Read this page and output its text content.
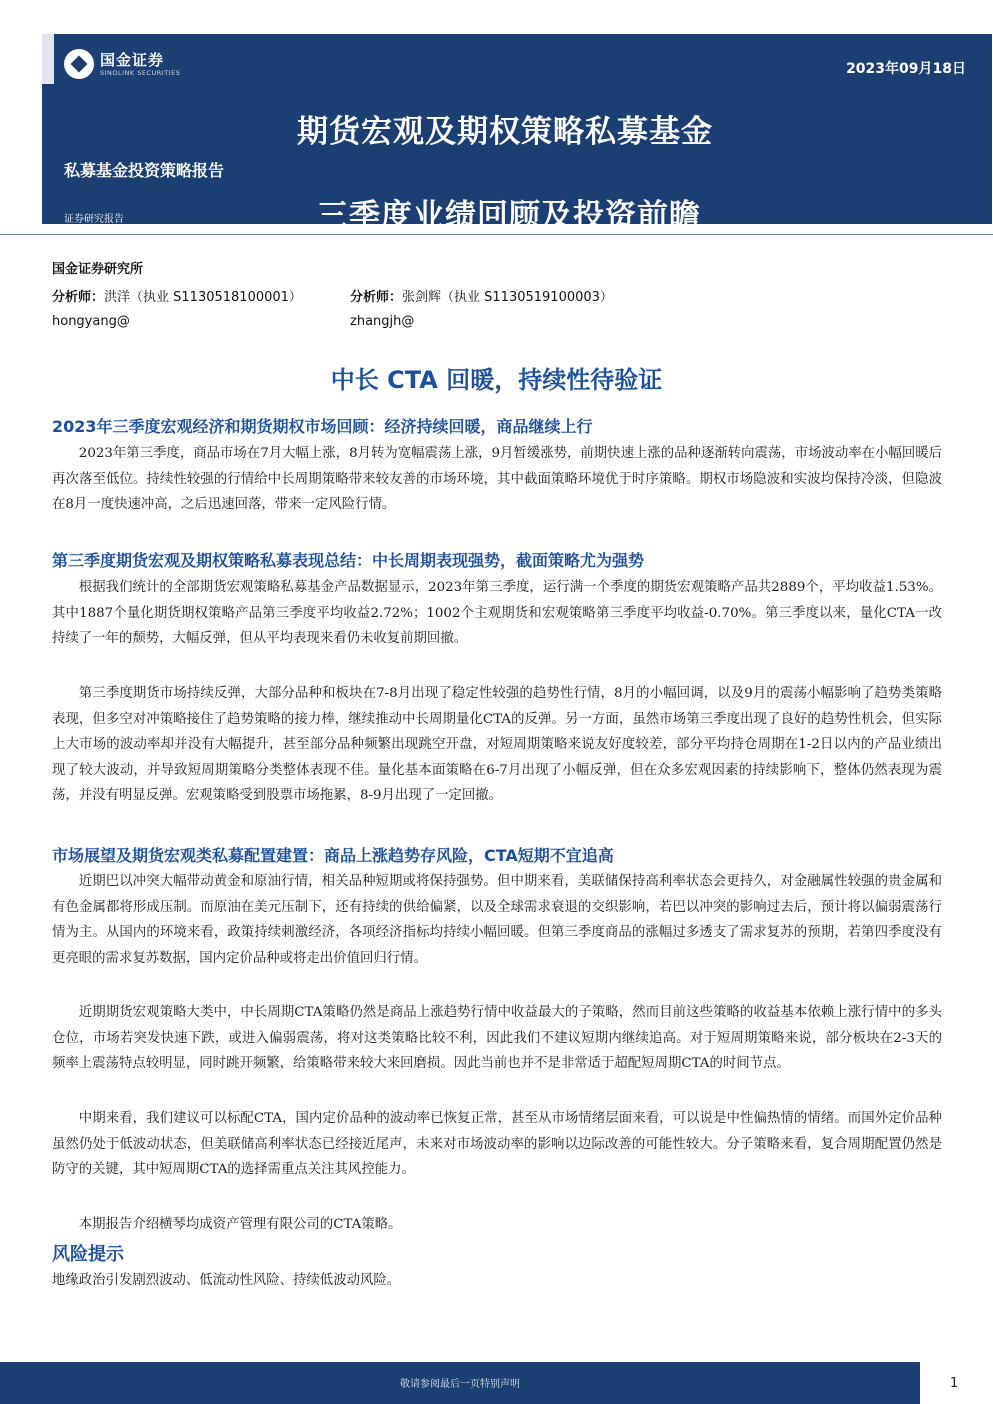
国金证券
SINOLINK SECURITIES	2023年09月18日
期货宏观及期权策略私募基金
三季度业绩回顾及投资前瞻
私募基金投资策略报告
证券研究报告
国金证券研究所
分析师：洪洋（执业 S1130518100001）	分析师：张剑辉（执业 S1130519100003）
hongyang@	zhangjh@
中长 CTA 回暖，持续性待验证
2023年三季度宏观经济和期货期权市场回顾：经济持续回暖，商品继续上行
2023年第三季度，商品市场在7月大幅上涨，8月转为宽幅震荡上涨，9月暂缓涨势，前期快速上涨的品种逐渐转向震荡，市场波动率在小幅回暖后再次落至低位。持续性较强的行情给中长周期策略带来较友善的市场环境，其中截面策略环境优于时序策略。期权市场隐波和实波均保持冷淡，但隐波在8月一度快速冲高，之后迅速回落，带来一定风险行情。
第三季度期货宏观及期权策略私募表现总结：中长周期表现强势，截面策略尤为强势
根据我们统计的全部期货宏观策略私募基金产品数据显示，2023年第三季度，运行满一个季度的期货宏观策略产品共2889个，平均收益1.53%。其中1887个量化期货期权策略产品第三季度平均收益2.72%；1002个主观期货和宏观策略第三季度平均收益-0.70%。第三季度以来，量化CTA一改持续了一年的颓势，大幅反弹，但从平均表现来看仍未收复前期回撤。
第三季度期货市场持续反弹，大部分品种和板块在7-8月出现了稳定性较强的趋势性行情，8月的小幅回调，以及9月的震荡小幅影响了趋势类策略表现，但多空对冲策略接住了趋势策略的接力棒，继续推动中长周期量化CTA的反弹。另一方面，虽然市场第三季度出现了良好的趋势性机会，但实际上大市场的波动率却并没有大幅提升，甚至部分品种频繁出现跳空开盘，对短周期策略来说友好度较差，部分平均持仓周期在1-2日以内的产品业绩出现了较大波动，并导致短周期策略分类整体表现不佳。量化基本面策略在6-7月出现了小幅反弹，但在众多宏观因素的持续影响下，整体仍然表现为震荡，并没有明显反弹。宏观策略受到股票市场拖累，8-9月出现了一定回撤。
市场展望及期货宏观类私募配置建置：商品上涨趋势存风险，CTA短期不宜追高
近期巴以冲突大幅带动黄金和原油行情，相关品种短期或将保持强势。但中期来看，美联储保持高利率状态会更持久，对金融属性较强的贵金属和有色金属都将形成压制。而原油在美元压制下，还有持续的供给偏紧，以及全球需求衰退的交织影响，若巴以冲突的影响过去后，预计将以偏弱震荡行情为主。从国内的环境来看，政策持续刺激经济，各项经济指标均持续小幅回暖。但第三季度商品的涨幅过多透支了需求复苏的预期，若第四季度没有更亮眼的需求复苏数据，国内定价品种或将走出价值回归行情。
近期期货宏观策略大类中，中长周期CTA策略仍然是商品上涨趋势行情中收益最大的子策略，然而目前这些策略的收益基本依赖上涨行情中的多头仓位，市场若突发快速下跌，或进入偏弱震荡，将对这类策略比较不利，因此我们不建议短期内继续追高。对于短周期策略来说，部分板块在2-3天的频率上震荡特点较明显，同时跳开频繁，给策略带来较大来回磨损。因此当前也并不是非常适于超配短周期CTA的时间节点。
中期来看，我们建议可以标配CTA，国内定价品种的波动率已恢复正常，甚至从市场情绪层面来看，可以说是中性偏热情的情绪。而国外定价品种虽然仍处于低波动状态，但美联储高利率状态已经接近尾声，未来对市场波动率的影响以边际改善的可能性较大。分子策略来看，复合周期配置仍然是防守的关键，其中短周期CTA的选择需重点关注其风控能力。
本期报告介绍横琴均成资产管理有限公司的CTA策略。
风险提示
地缘政治引发剧烈波动、低流动性风险、持续低波动风险。
敬请参阅最后一页特别声明	1
